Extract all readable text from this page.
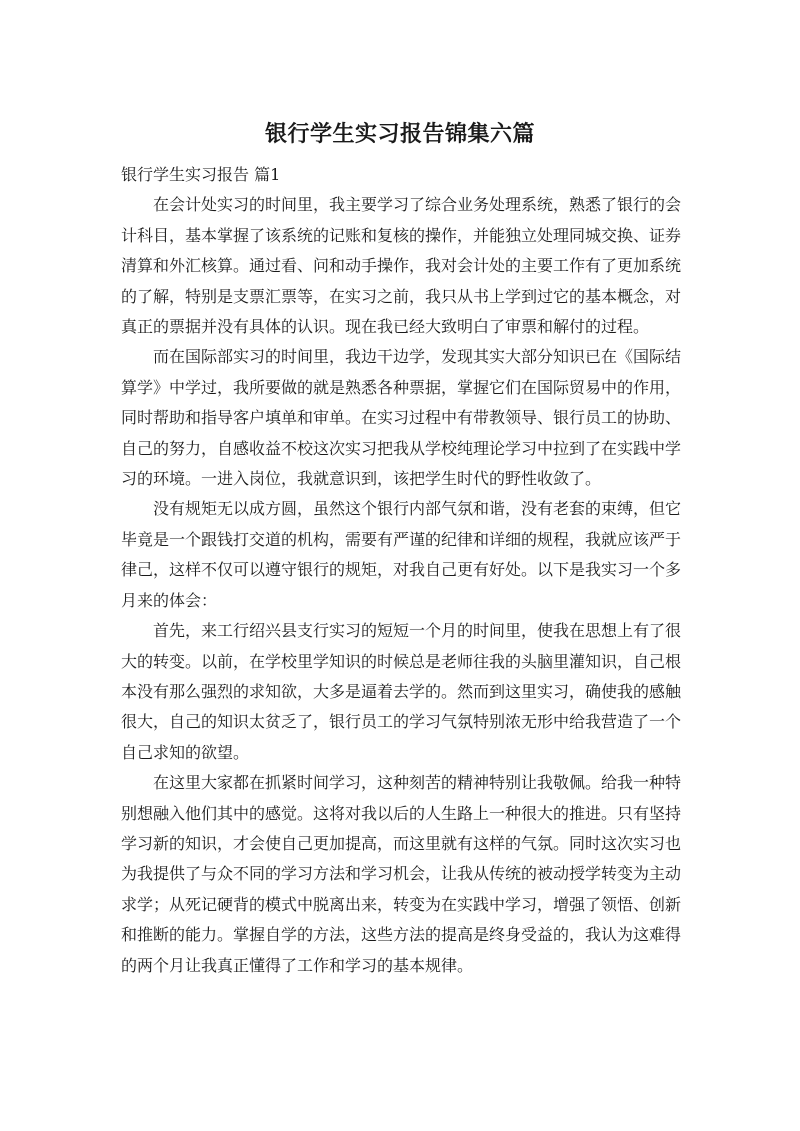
银行学生实习报告锦集六篇

银行学生实习报告 篇1

在会计处实习的时间里，我主要学习了综合业务处理系统，熟悉了银行的会计科目，基本掌握了该系统的记账和复核的操作，并能独立处理同城交换、证券清算和外汇核算。通过看、问和动手操作，我对会计处的主要工作有了更加系统的了解，特别是支票汇票等，在实习之前，我只从书上学到过它的基本概念，对真正的票据并没有具体的认识。现在我已经大致明白了审票和解付的过程。

而在国际部实习的时间里，我边干边学，发现其实大部分知识已在《国际结算学》中学过，我所要做的就是熟悉各种票据，掌握它们在国际贸易中的作用，同时帮助和指导客户填单和审单。在实习过程中有带教领导、银行员工的协助、自己的努力，自感收益不校这次实习把我从学校纯理论学习中拉到了在实践中学习的环境。一进入岗位，我就意识到，该把学生时代的野性收敛了。

没有规矩无以成方圆，虽然这个银行内部气氛和谐，没有老套的束缚，但它毕竟是一个跟钱打交道的机构，需要有严谨的纪律和详细的规程，我就应该严于律己，这样不仅可以遵守银行的规矩，对我自己更有好处。以下是我实习一个多月来的体会：

首先，来工行绍兴县支行实习的短短一个月的时间里，使我在思想上有了很大的转变。以前，在学校里学知识的时候总是老师往我的头脑里灌知识，自己根本没有那么强烈的求知欲，大多是逼着去学的。然而到这里实习，确使我的感触很大，自己的知识太贫乏了，银行员工的学习气氛特别浓无形中给我营造了一个自己求知的欲望。

在这里大家都在抓紧时间学习，这种刻苦的精神特别让我敬佩。给我一种特别想融入他们其中的感觉。这将对我以后的人生路上一种很大的推进。只有坚持学习新的知识，才会使自己更加提高，而这里就有这样的气氛。同时这次实习也为我提供了与众不同的学习方法和学习机会，让我从传统的被动授学转变为主动求学；从死记硬背的模式中脱离出来，转变为在实践中学习，增强了领悟、创新和推断的能力。掌握自学的方法，这些方法的提高是终身受益的，我认为这难得的两个月让我真正懂得了工作和学习的基本规律。
